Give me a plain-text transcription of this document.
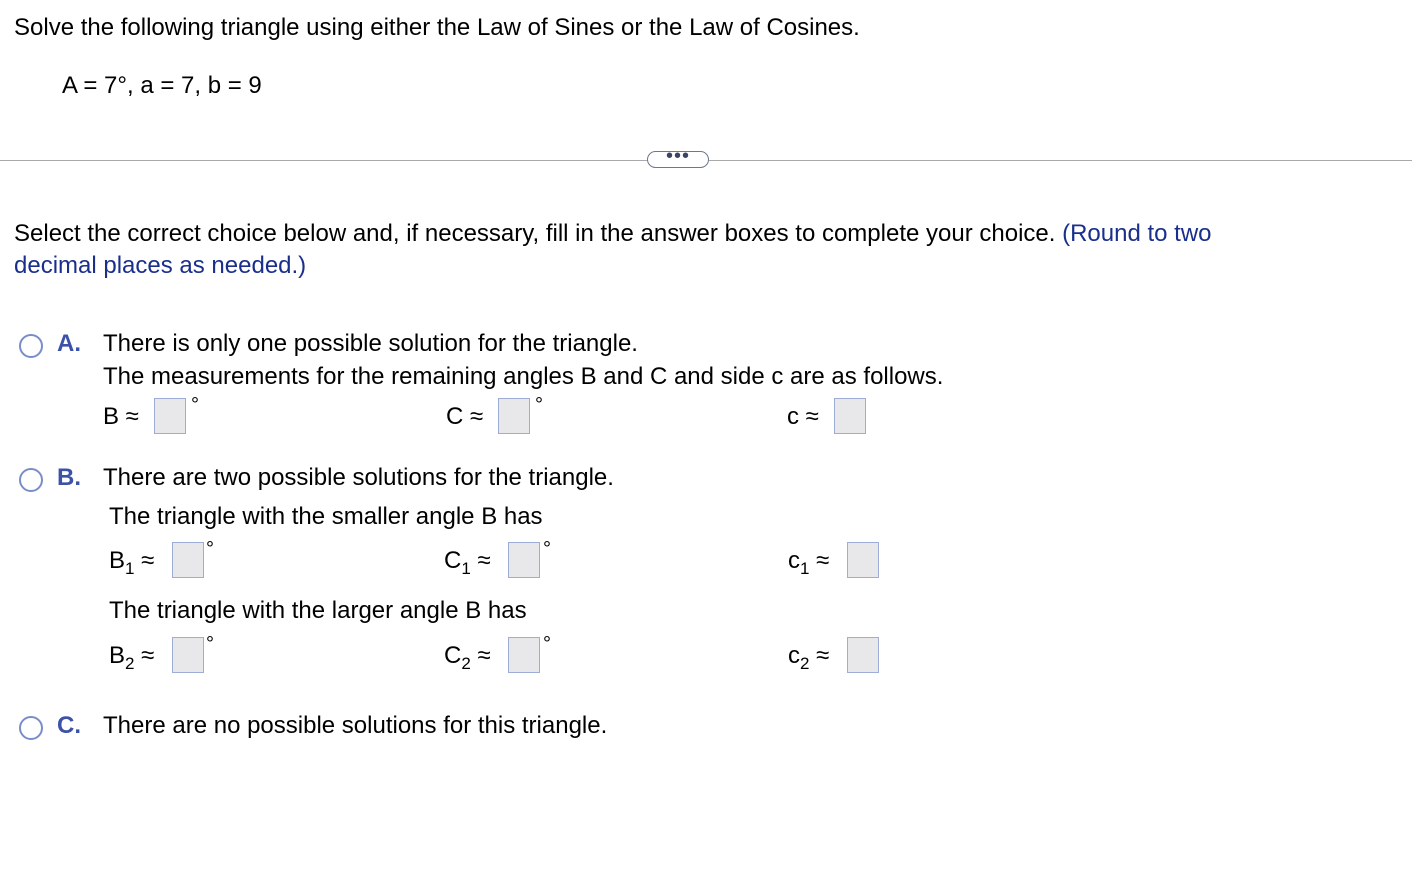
Solve the following triangle using either the Law of Sines or the Law of Cosines.
A = 7°, a = 7, b = 9
•••
Select the correct choice below and, if necessary, fill in the answer boxes to complete your choice. (Round to two
decimal places as needed.)
A. There is only one possible solution for the triangle.
The measurements for the remaining angles B and C and side c are as follows.
B ≈	°	C ≈	°	c ≈
B. There are two possible solutions for the triangle.
The triangle with the smaller angle B has
$B_1$ ≈	°	$C_1$ ≈	°	$c_1$ ≈
The triangle with the larger angle B has
$B_2$ ≈	°	$C_2$ ≈	°	$c_2$ ≈
C. There are no possible solutions for this triangle.
